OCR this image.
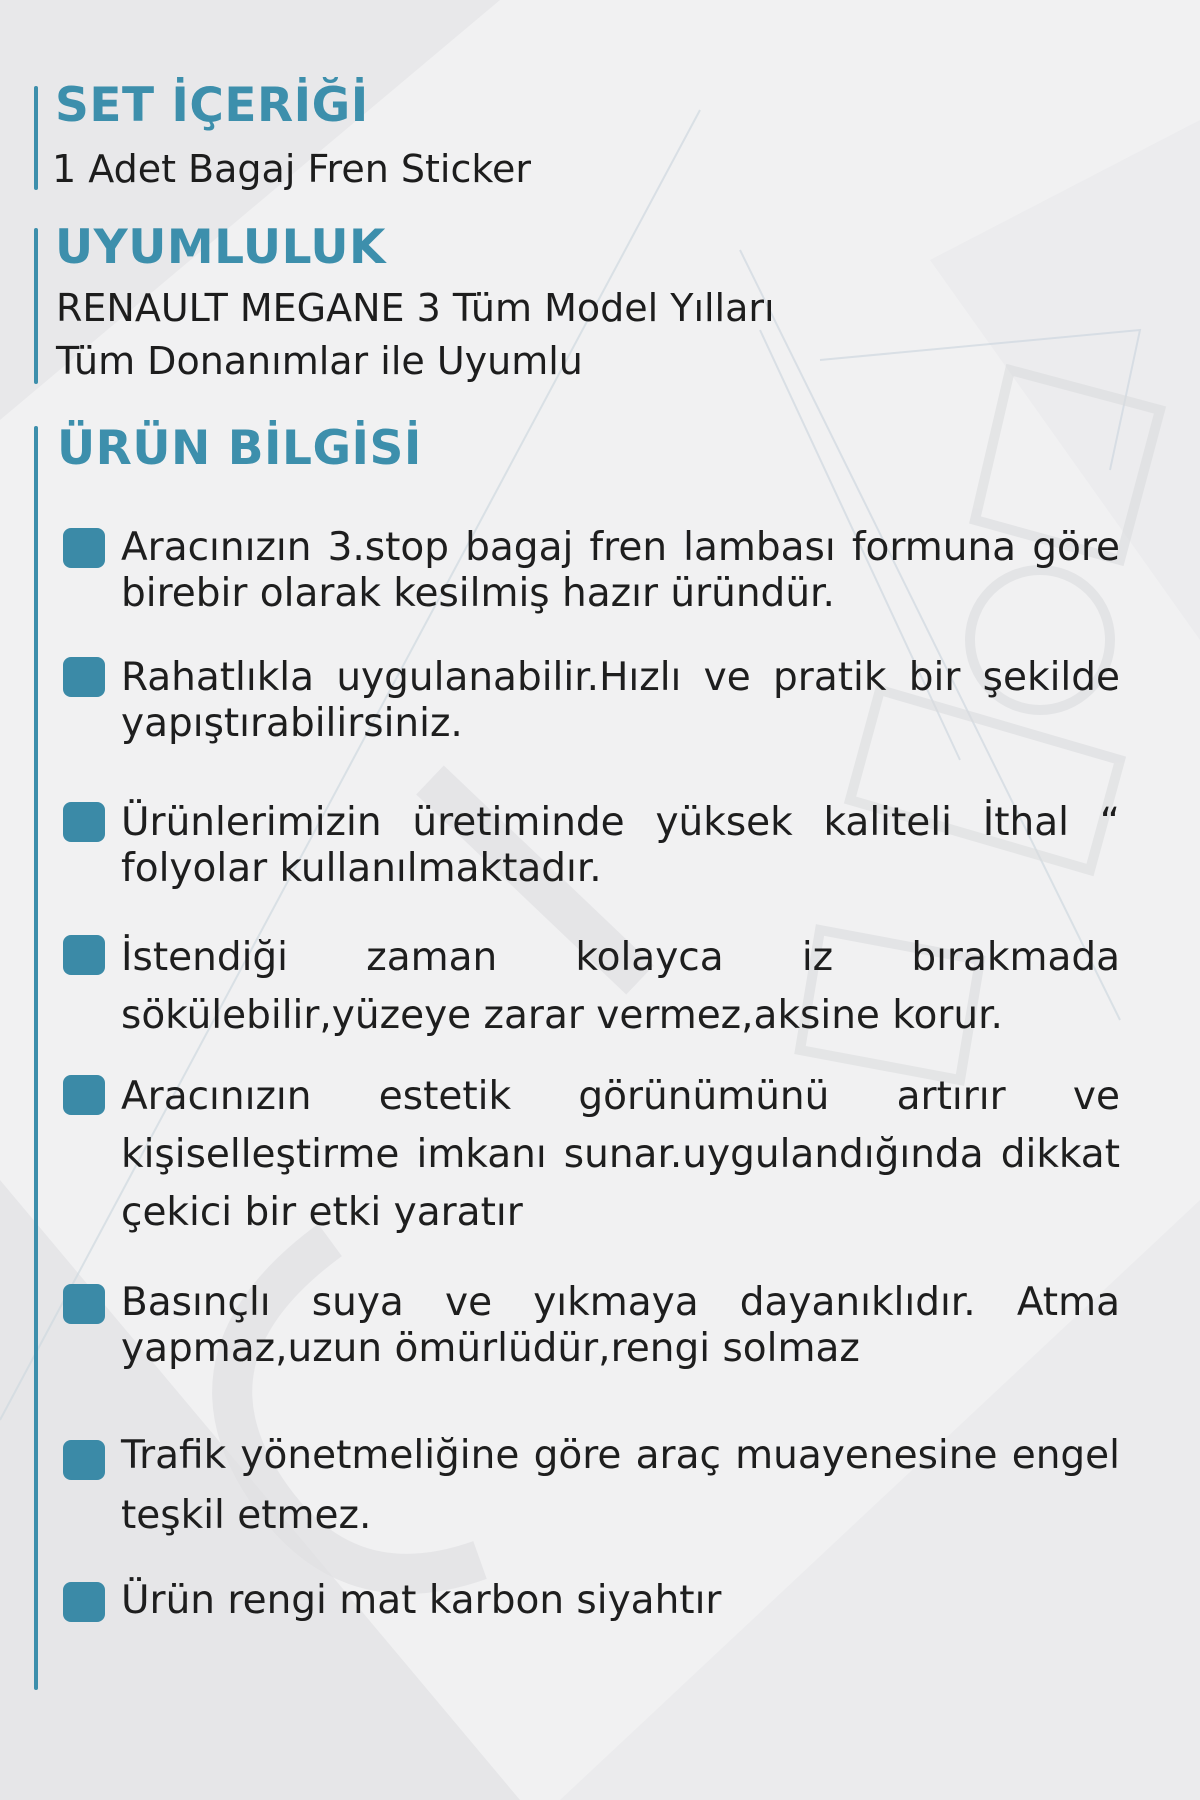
SET İÇERİĞİ

1 Adet Bagaj Fren Sticker

UYUMLULUK

RENAULT MEGANE 3 Tüm Model Yılları

Tüm Donanımlar ile Uyumlu

ÜRÜN BİLGİSİ

Aracınızın 3.stop bagaj fren lambası formuna göre birebir olarak kesilmiş hazır üründür.

Rahatlıkla uygulanabilir.Hızlı ve pratik bir şekilde yapıştırabilirsiniz.

Ürünlerimizin üretiminde yüksek kaliteli İthal “ folyolar kullanılmaktadır.

İstendiği zaman kolayca iz bırakmada sökülebilir,yüzeye zarar vermez,aksine korur.

Aracınızın estetik görünümünü artırır ve kişiselleştirme imkanı sunar.uygulandığında dikkat çekici bir etki yaratır

Basınçlı suya ve yıkmaya dayanıklıdır. Atma yapmaz,uzun ömürlüdür,rengi solmaz

Trafik yönetmeliğine göre araç muayenesine engel teşkil etmez.

Ürün rengi mat karbon siyahtır
